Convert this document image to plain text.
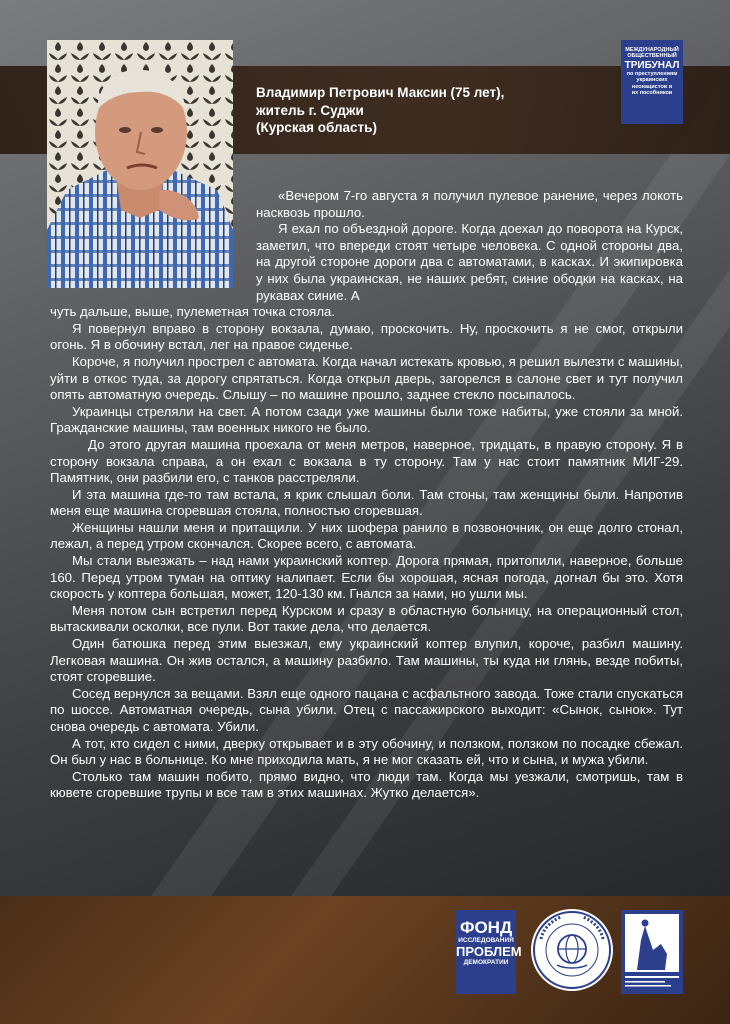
Владимир Петрович Максин (75 лет),
житель г. Суджи
(Курская область)
МЕЖДУНАРОДНЫЙ
ОБЩЕСТВЕННЫЙ
ТРИБУНАЛ
по преступлениям
украинских
неонацистов и
их пособников

«Вечером 7-го августа я получил пулевое ранение, через локоть насквозь прошло.

Я ехал по объездной дороге. Когда доехал до поворота на Курск, заметил, что впереди стоят четыре человека. С одной стороны два, на другой стороне дороги два с автоматами, в касках. И экипировка у них была украинская, не наших ребят, синие ободки на касках, на рукавах синие. А

чуть дальше, выше, пулеметная точка стояла.

Я повернул вправо в сторону вокзала, думаю, проскочить. Ну, проскочить я не смог, открыли огонь. Я в обочину встал, лег на правое сиденье.

Короче, я получил прострел с автомата. Когда начал истекать кровью, я решил вылезти с машины, уйти в откос туда, за дорогу спрятаться. Когда открыл дверь, загорелся в салоне свет и тут получил опять автоматную очередь. Слышу – по машине прошло, заднее стекло посыпалось.

Украинцы стреляли на свет. А потом сзади уже машины были тоже набиты, уже стояли за мной. Гражданские машины, там военных никого не было.

До этого другая машина проехала от меня метров, наверное, тридцать, в правую сторону. Я в сторону вокзала справа, а он ехал с вокзала в ту сторону. Там у нас стоит памятник МИГ-29. Памятник, они разбили его, с танков расстреляли.

И эта машина где-то там встала, я крик слышал боли. Там стоны, там женщины были. Напротив меня еще машина сгоревшая стояла, полностью сгоревшая.

Женщины нашли меня и притащили. У них шофера ранило в позвоночник, он еще долго стонал, лежал, а перед утром скончался. Скорее всего, с автомата.

Мы стали выезжать – над нами украинский коптер. Дорога прямая, притопили, наверное, больше 160. Перед утром туман на оптику налипает. Если бы хорошая, ясная погода, догнал бы это. Хотя скорость у коптера большая, может, 120-130 км. Гнался за нами, но ушли мы.

Меня потом сын встретил перед Курском и сразу в областную больницу, на операционный стол, вытаскивали осколки, все пули. Вот такие дела, что делается.

Один батюшка перед этим выезжал, ему украинский коптер влупил, короче, разбил машину. Легковая машина. Он жив остался, а машину разбило. Там машины, ты куда ни глянь, везде побиты, стоят сгоревшие.

Сосед вернулся за вещами. Взял еще одного пацана с асфальтного завода. Тоже стали спускаться по шоссе. Автоматная очередь, сына убили. Отец с пассажирского выходит: «Сынок, сынок». Тут снова очередь с автомата. Убили.

А тот, кто сидел с ними, дверку открывает и в эту обочину, и ползком, ползком по посадке сбежал. Он был у нас в больнице. Ко мне приходила мать, я не мог сказать ей, что и сына, и мужа убили.

Столько там машин побито, прямо видно, что люди там. Когда мы уезжали, смотришь, там в кювете сгоревшие трупы и все там в этих машинах. Жутко делается».

ФОНД
ИССЛЕДОВАНИЯ
ПРОБЛЕМ
ДЕМОКРАТИИ
